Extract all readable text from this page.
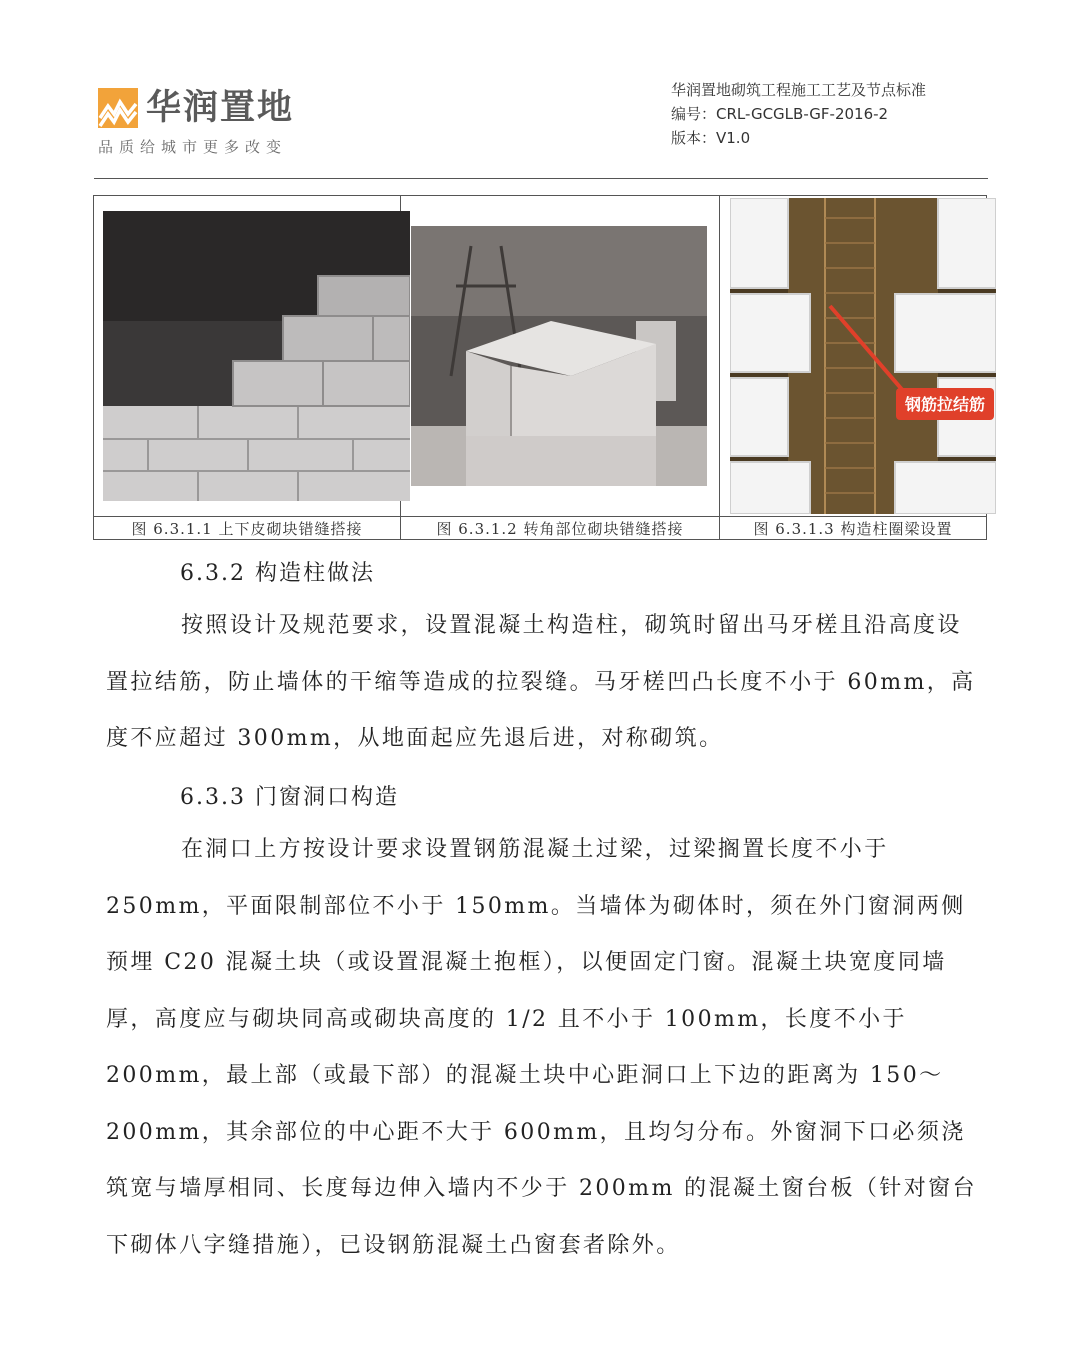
华润置地
品质给城市更多改变
华润置地砌筑工程施工工艺及节点标准
编号：CRL-GCGLB-GF-2016-2
版本：V1.0
图 6.3.1.1 上下皮砌块错缝搭接	图 6.3.1.2 转角部位砌块错缝搭接
钢筋拉结筋
图 6.3.1.3 构造柱圈梁设置
6.3.2 构造柱做法

按照设计及规范要求，设置混凝土构造柱，砌筑时留出马牙槎且沿高度设置拉结筋，防止墙体的干缩等造成的拉裂缝。马牙槎凹凸长度不小于 60mm，高度不应超过 300mm，从地面起应先退后进，对称砌筑。

6.3.3 门窗洞口构造

在洞口上方按设计要求设置钢筋混凝土过梁，过梁搁置长度不小于 250mm，平面限制部位不小于 150mm。当墙体为砌体时，须在外门窗洞两侧预埋 C20 混凝土块（或设置混凝土抱框），以便固定门窗。混凝土块宽度同墙厚，高度应与砌块同高或砌块高度的 1/2 且不小于 100mm，长度不小于 200mm，最上部（或最下部）的混凝土块中心距洞口上下边的距离为 150～200mm，其余部位的中心距不大于 600mm，且均匀分布。外窗洞下口必须浇筑宽与墙厚相同、长度每边伸入墙内不少于 200mm 的混凝土窗台板（针对窗台下砌体八字缝措施），已设钢筋混凝土凸窗套者除外。
